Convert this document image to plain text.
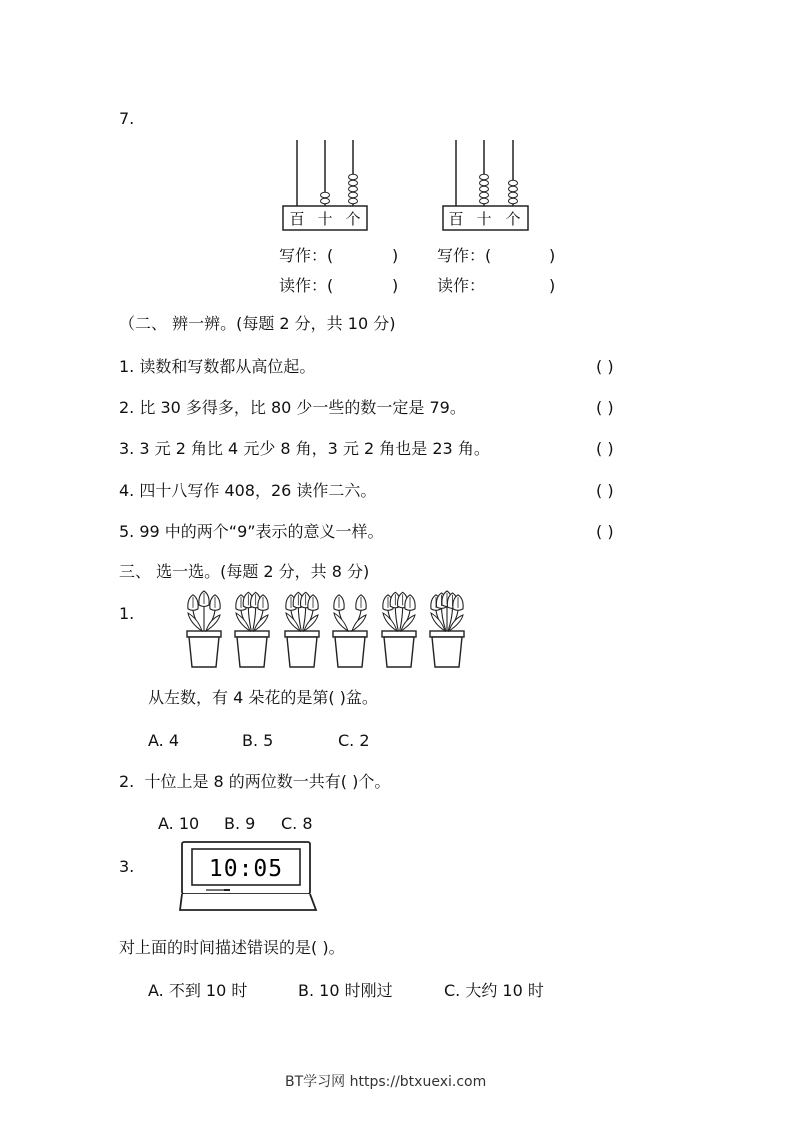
7.
百 十 个	百 十 个
写作：(	) 写作：(	)
读作：(	) 读作：	)
（二、 辨一辨。(每题 2 分，共 10 分)
1. 读数和写数都从高位起。	( )
2. 比 30 多得多，比 80 少一些的数一定是 79。	( )
3. 3 元 2 角比 4 元少 8 角，3 元 2 角也是 23 角。	( )
4. 四十八写作 408，26 读作二六。	( )
5. 99 中的两个“9”表示的意义一样。	( )
三、 选一选。(每题 2 分，共 8 分)
1.
从左数，有 4 朵花的是第( )盆。
A. 4	B. 5	C. 2
2. 十位上是 8 的两位数一共有( )个。
A. 10 B. 9 C. 8
3.	10:05
对上面的时间描述错误的是( )。
A. 不到 10 时	B. 10 时刚过	C. 大约 10 时
BT学习网 https://btxuexi.com
